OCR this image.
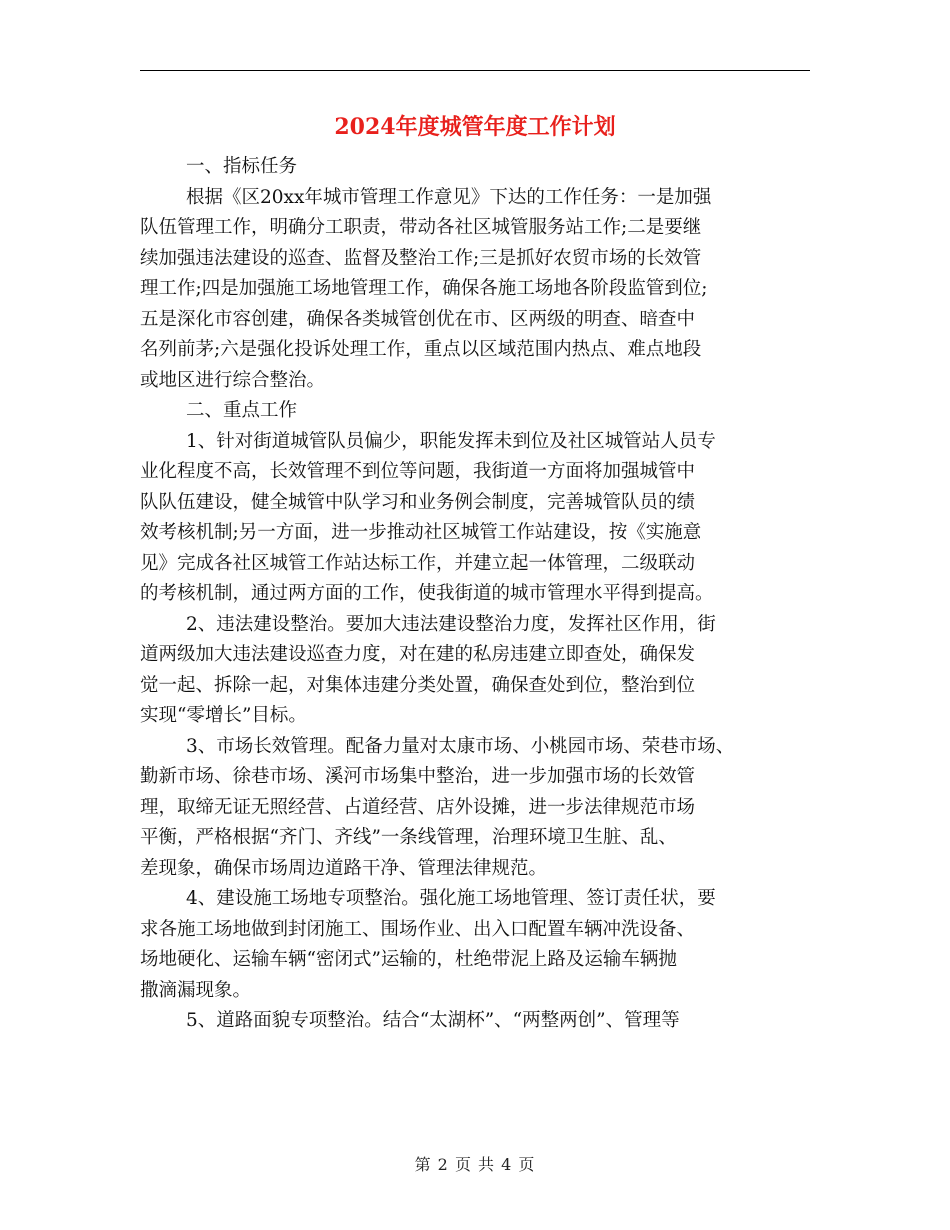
2024年度城管年度工作计划
一、指标任务
根据《区20xx年城市管理工作意见》下达的工作任务：一是加强
队伍管理工作，明确分工职责，带动各社区城管服务站工作;二是要继
续加强违法建设的巡查、监督及整治工作;三是抓好农贸市场的长效管
理工作;四是加强施工场地管理工作，确保各施工场地各阶段监管到位;
五是深化市容创建，确保各类城管创优在市、区两级的明查、暗查中
名列前茅;六是强化投诉处理工作，重点以区域范围内热点、难点地段
或地区进行综合整治。
二、重点工作
1、针对街道城管队员偏少，职能发挥未到位及社区城管站人员专
业化程度不高，长效管理不到位等问题，我街道一方面将加强城管中
队队伍建设，健全城管中队学习和业务例会制度，完善城管队员的绩
效考核机制;另一方面，进一步推动社区城管工作站建设，按《实施意
见》完成各社区城管工作站达标工作，并建立起一体管理，二级联动
的考核机制，通过两方面的工作，使我街道的城市管理水平得到提高。
2、违法建设整治。要加大违法建设整治力度，发挥社区作用，街
道两级加大违法建设巡查力度，对在建的私房违建立即查处，确保发
觉一起、拆除一起，对集体违建分类处置，确保查处到位，整治到位
实现“零增长”目标。
3、市场长效管理。配备力量对太康市场、小桃园市场、荣巷市场、
勤新市场、徐巷市场、溪河市场集中整治，进一步加强市场的长效管
理，取缔无证无照经营、占道经营、店外设摊，进一步法律规范市场
平衡，严格根据“齐门、齐线”一条线管理，治理环境卫生脏、乱、
差现象，确保市场周边道路干净、管理法律规范。
4、建设施工场地专项整治。强化施工场地管理、签订责任状，要
求各施工场地做到封闭施工、围场作业、出入口配置车辆冲洗设备、
场地硬化、运输车辆“密闭式”运输的，杜绝带泥上路及运输车辆抛
撒滴漏现象。
5、道路面貌专项整治。结合“太湖杯”、“两整两创”、管理等
第 2 页 共 4 页
